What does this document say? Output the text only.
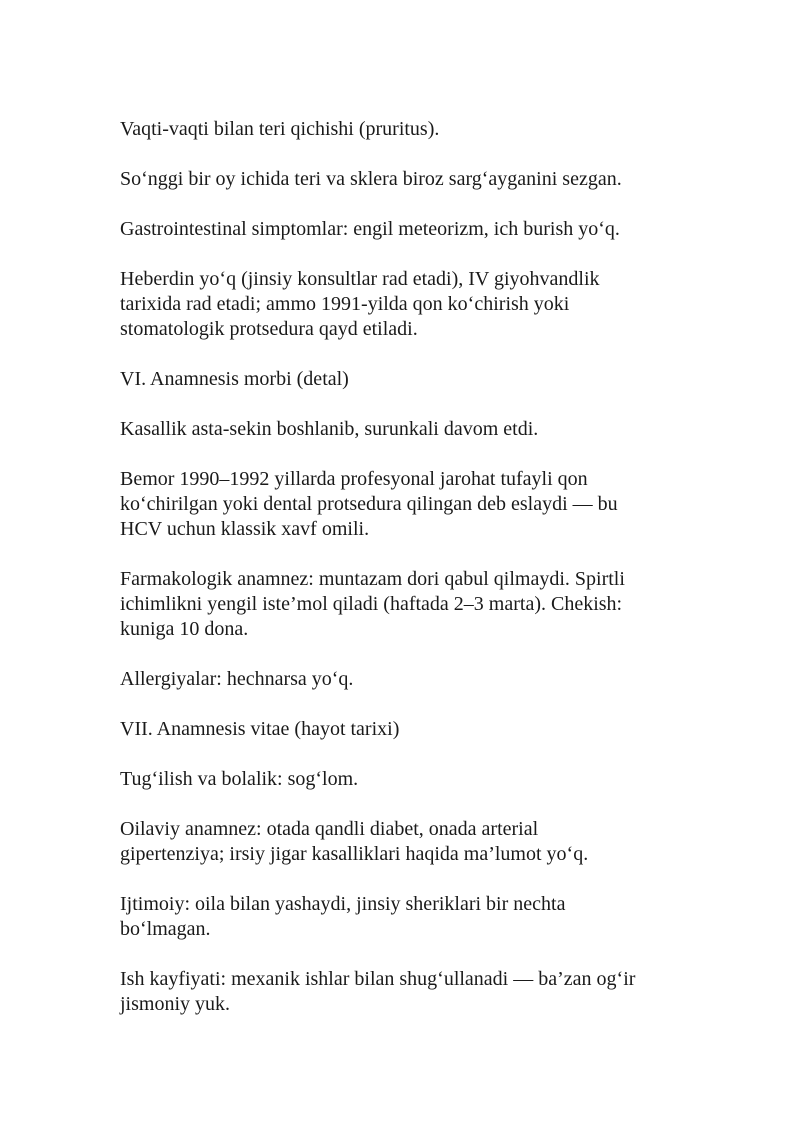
Vaqti-vaqti bilan teri qichishi (pruritus).

So‘nggi bir oy ichida teri va sklera biroz sarg‘ayganini sezgan.

Gastrointestinal simptomlar: engil meteorizm, ich burish yo‘q.

Heberdin yo‘q (jinsiy konsultlar rad etadi), IV giyohvandlik
tarixida rad etadi; ammo 1991-yilda qon ko‘chirish yoki
stomatologik protsedura qayd etiladi.

VI. Anamnesis morbi (detal)

Kasallik asta-sekin boshlanib, surunkali davom etdi.

Bemor 1990–1992 yillarda profesyonal jarohat tufayli qon
ko‘chirilgan yoki dental protsedura qilingan deb eslaydi — bu
HCV uchun klassik xavf omili.

Farmakologik anamnez: muntazam dori qabul qilmaydi. Spirtli
ichimlikni yengil iste’mol qiladi (haftada 2–3 marta). Chekish:
kuniga 10 dona.

Allergiyalar: hechnarsa yo‘q.

VII. Anamnesis vitae (hayot tarixi)

Tug‘ilish va bolalik: sog‘lom.

Oilaviy anamnez: otada qandli diabet, onada arterial
gipertenziya; irsiy jigar kasalliklari haqida ma’lumot yo‘q.

Ijtimoiy: oila bilan yashaydi, jinsiy sheriklari bir nechta
bo‘lmagan.

Ish kayfiyati: mexanik ishlar bilan shug‘ullanadi — ba’zan og‘ir
jismoniy yuk.
